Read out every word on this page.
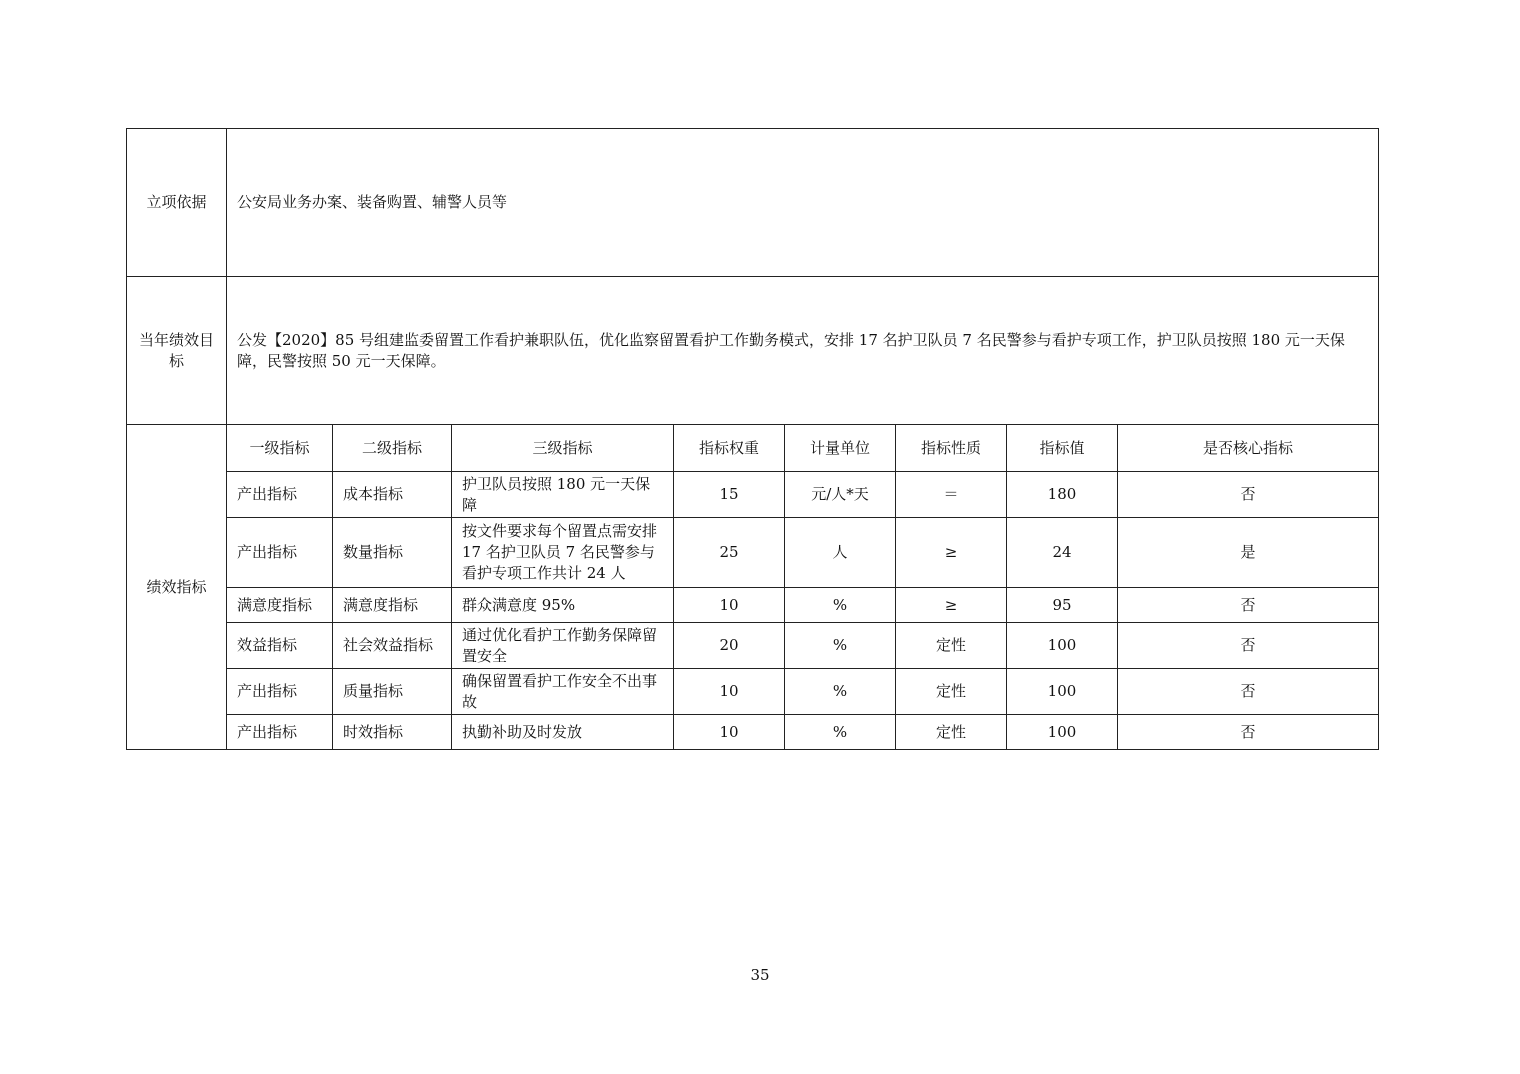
立项依据	公安局业务办案、装备购置、辅警人员等							
当年绩效目标	公发【2020】85 号组建监委留置工作看护兼职队伍，优化监察留置看护工作勤务模式，安排 17 名护卫队员 7 名民警参与看护专项工作，护卫队员按照 180 元一天保障，民警按照 50 元一天保障。							
绩效指标	一级指标	二级指标	三级指标	指标权重	计量单位	指标性质	指标值	是否核心指标
	产出指标	成本指标	护卫队员按照 180 元一天保障	15	元/人*天	＝	180	否
	产出指标	数量指标	按文件要求每个留置点需安排 17 名护卫队员 7 名民警参与看护专项工作共计 24 人	25	人	≥	24	是
	满意度指标	满意度指标	群众满意度 95%	10	%	≥	95	否
	效益指标	社会效益指标	通过优化看护工作勤务保障留置安全	20	%	定性	100	否
	产出指标	质量指标	确保留置看护工作安全不出事故	10	%	定性	100	否
	产出指标	时效指标	执勤补助及时发放	10	%	定性	100	否
35
